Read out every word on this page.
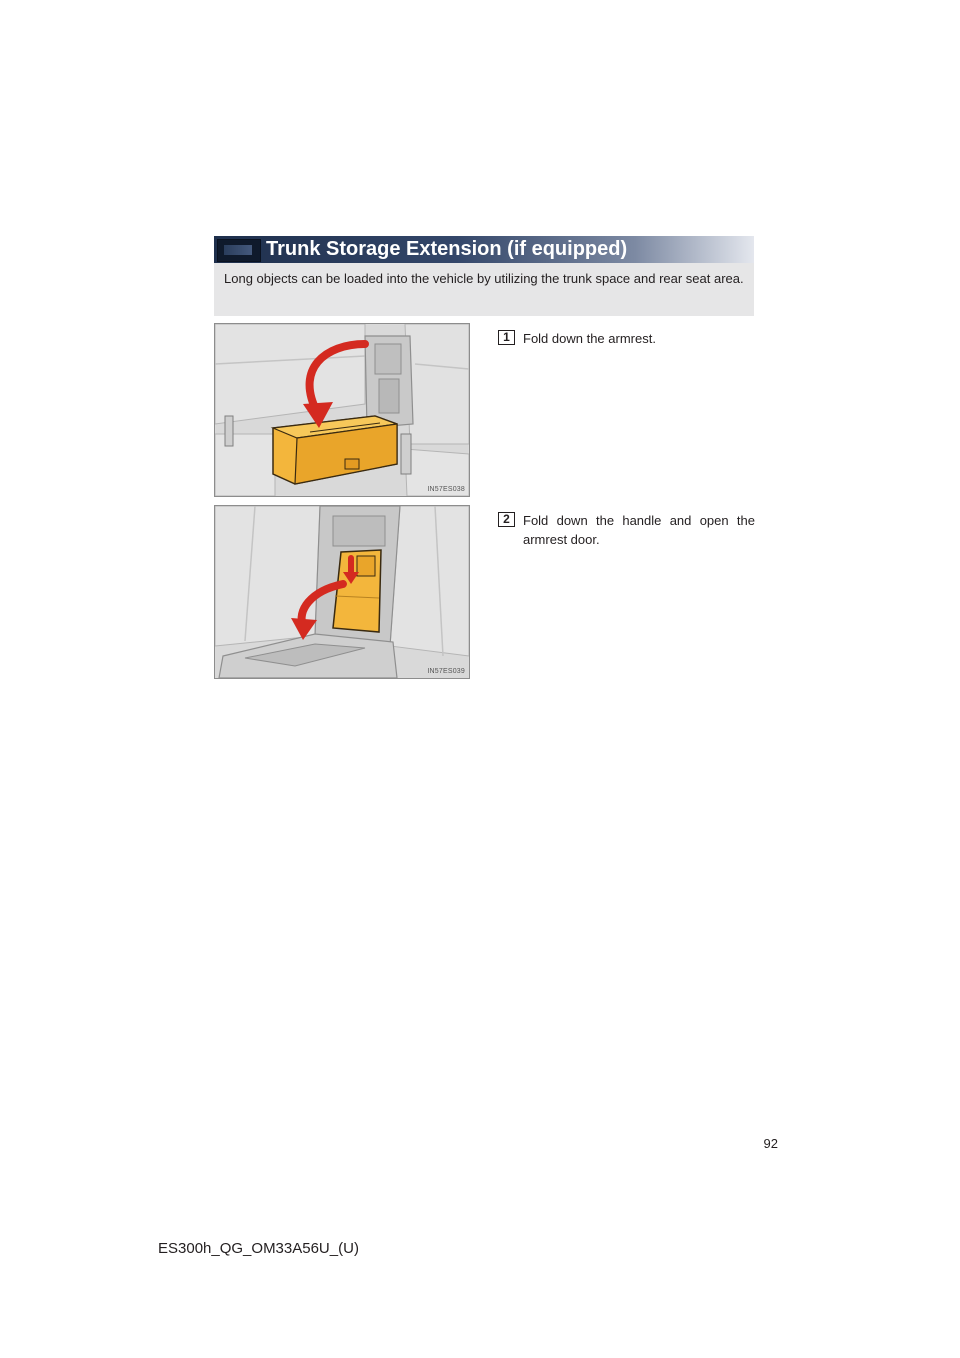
Trunk Storage Extension (if equipped)
Long objects can be loaded into the vehicle by utilizing the trunk space and rear seat area.
IN57ES038
1	Fold down the armrest.
IN57ES039
2	Fold down the handle and open the armrest door.
92
ES300h_QG_OM33A56U_(U)
